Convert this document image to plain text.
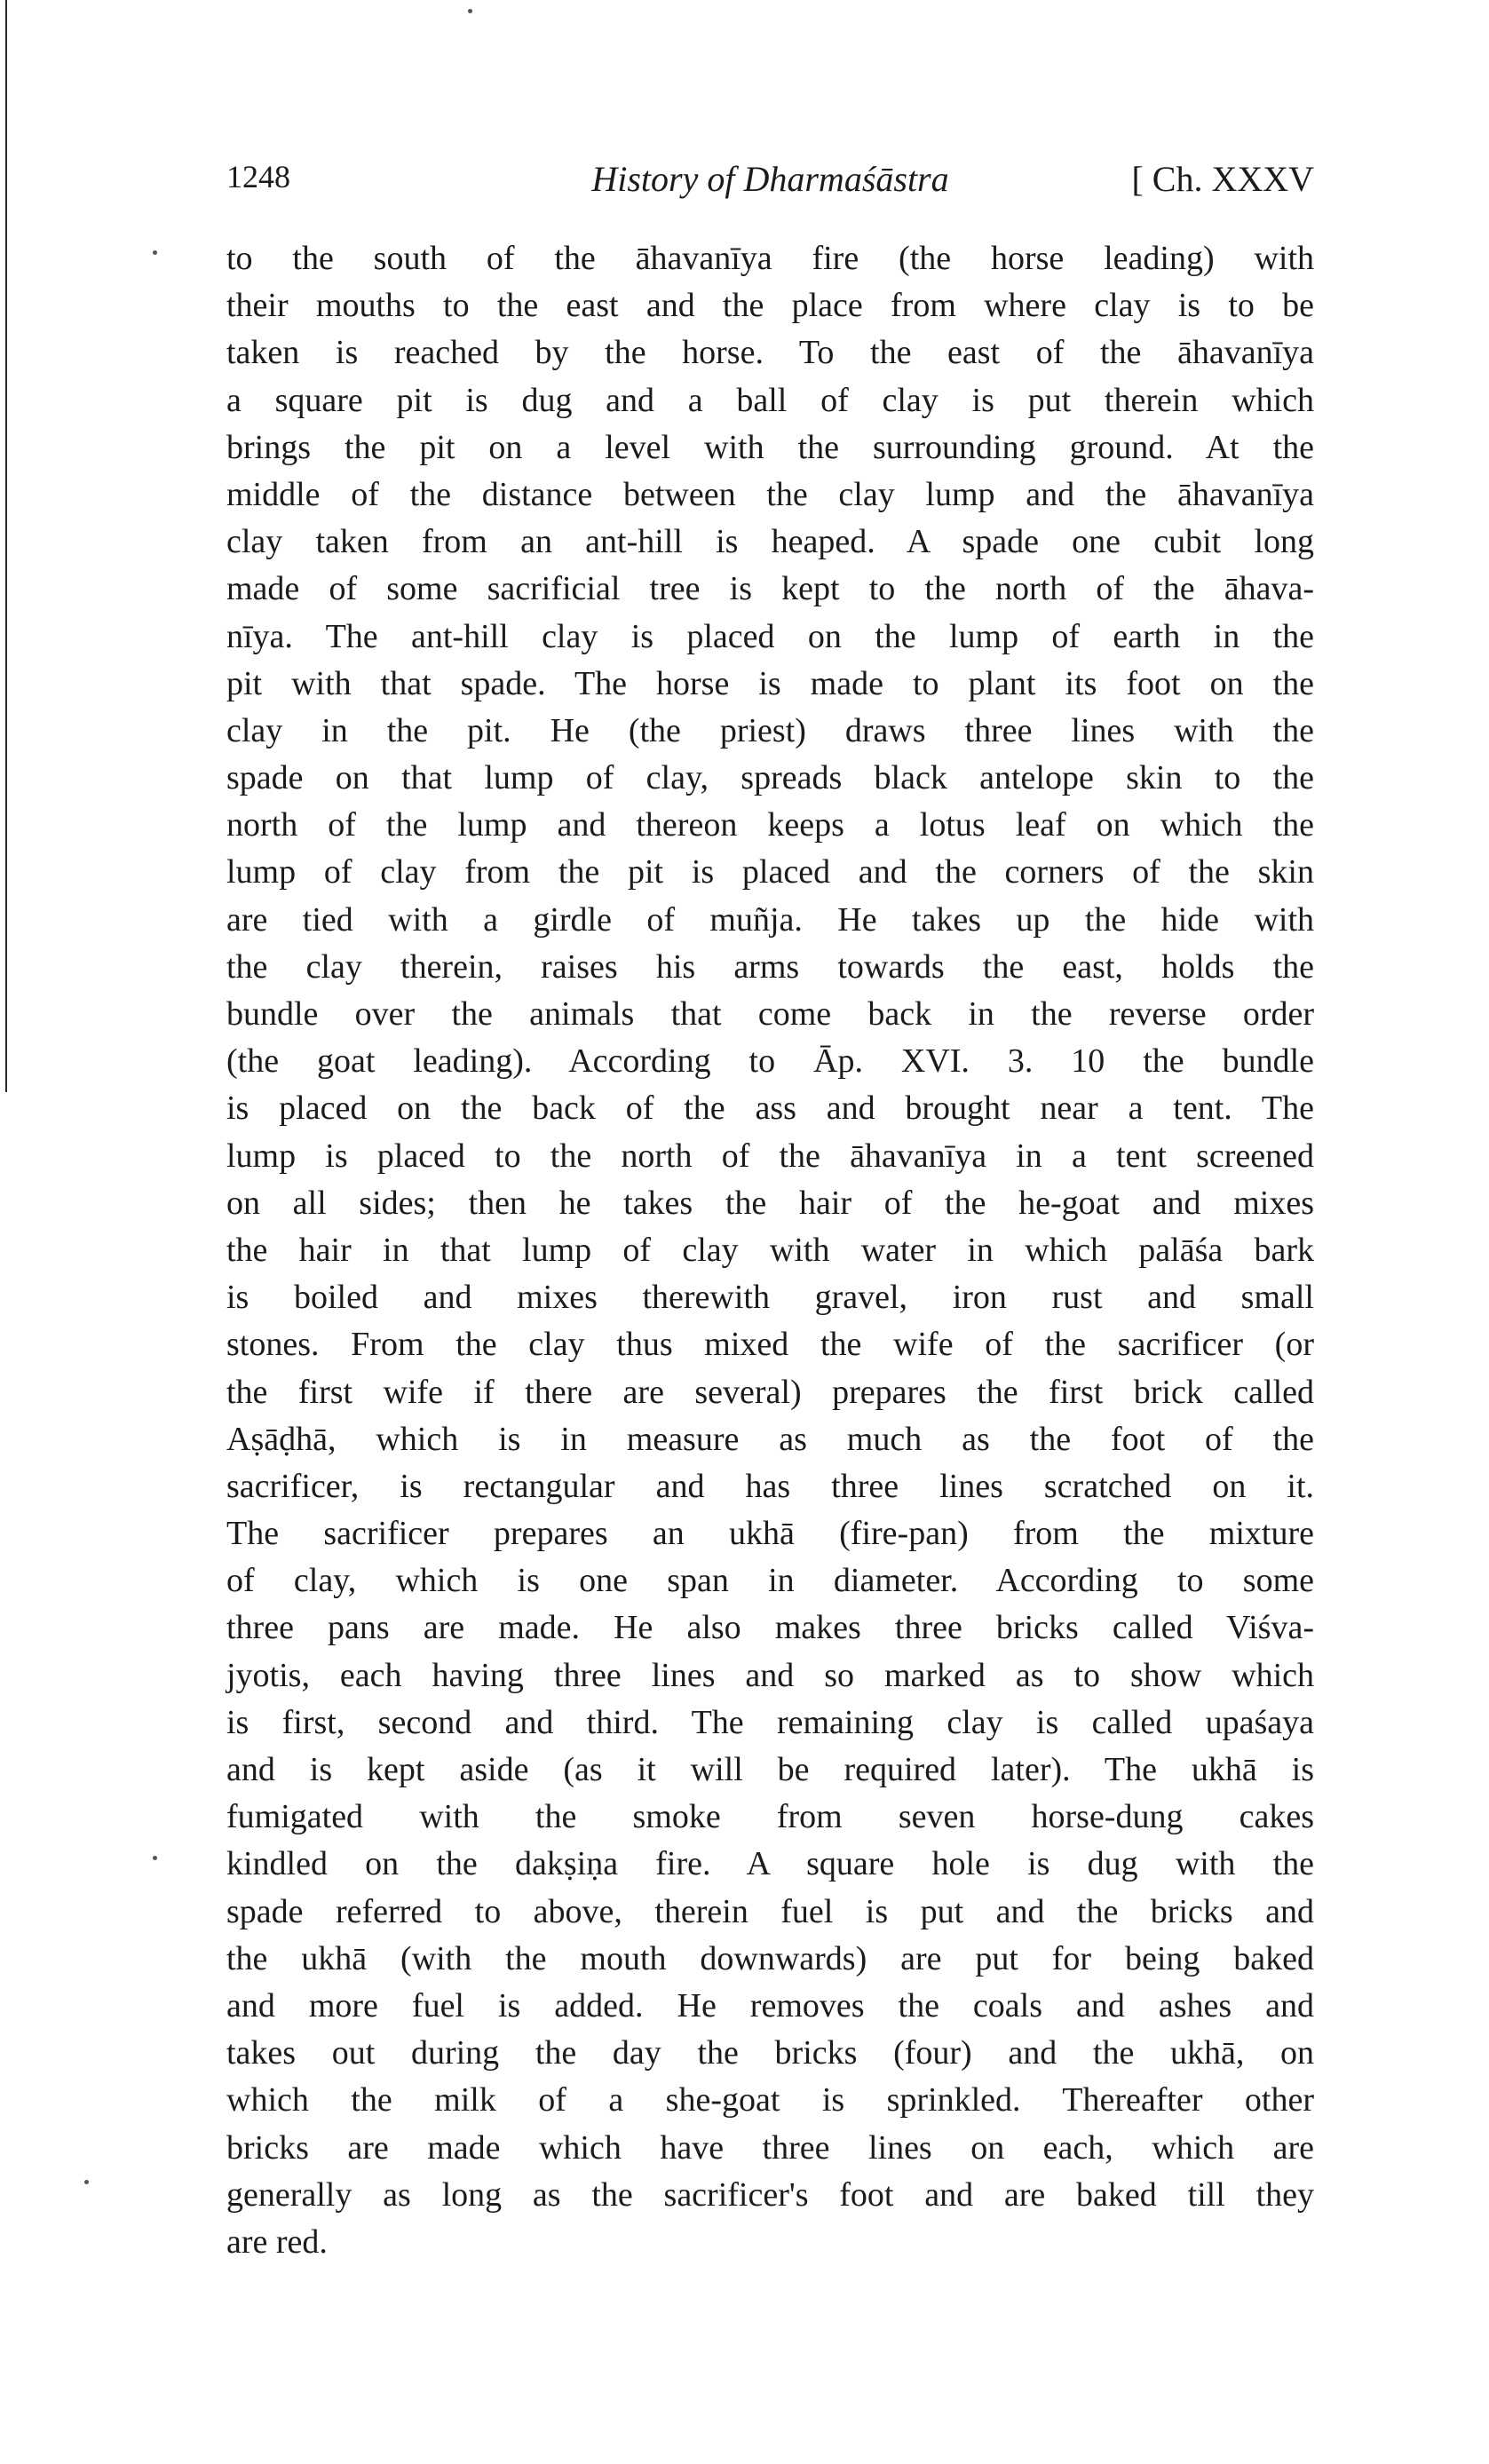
1248	History of Dharmaśāstra	[ Ch. XXXV
to the south of the āhavanīya fire (the horse leading) with
their mouths to the east and the place from where clay is to be
taken is reached by the horse. To the east of the āhavanīya
a square pit is dug and a ball of clay is put therein which
brings the pit on a level with the surrounding ground. At the
middle of the distance between the clay lump and the āhavanīya
clay taken from an ant-hill is heaped. A spade one cubit long
made of some sacrificial tree is kept to the north of the āhava-
nīya. The ant-hill clay is placed on the lump of earth in the
pit with that spade. The horse is made to plant its foot on the
clay in the pit. He (the priest) draws three lines with the
spade on that lump of clay, spreads black antelope skin to the
north of the lump and thereon keeps a lotus leaf on which the
lump of clay from the pit is placed and the corners of the skin
are tied with a girdle of muñja. He takes up the hide with
the clay therein, raises his arms towards the east, holds the
bundle over the animals that come back in the reverse order
(the goat leading). According to Āp. XVI. 3. 10 the bundle
is placed on the back of the ass and brought near a tent. The
lump is placed to the north of the āhavanīya in a tent screened
on all sides; then he takes the hair of the he-goat and mixes
the hair in that lump of clay with water in which palāśa bark
is boiled and mixes therewith gravel, iron rust and small
stones. From the clay thus mixed the wife of the sacrificer (or
the first wife if there are several) prepares the first brick called
Aṣāḍhā, which is in measure as much as the foot of the
sacrificer, is rectangular and has three lines scratched on it.
The sacrificer prepares an ukhā (fire-pan) from the mixture
of clay, which is one span in diameter. According to some
three pans are made. He also makes three bricks called Viśva-
jyotis, each having three lines and so marked as to show which
is first, second and third. The remaining clay is called upaśaya
and is kept aside (as it will be required later). The ukhā is
fumigated with the smoke from seven horse-dung cakes
kindled on the dakṣiṇa fire. A square hole is dug with the
spade referred to above, therein fuel is put and the bricks and
the ukhā (with the mouth downwards) are put for being baked
and more fuel is added. He removes the coals and ashes and
takes out during the day the bricks (four) and the ukhā, on
which the milk of a she-goat is sprinkled. Thereafter other
bricks are made which have three lines on each, which are
generally as long as the sacrificer's foot and are baked till they
are red.
